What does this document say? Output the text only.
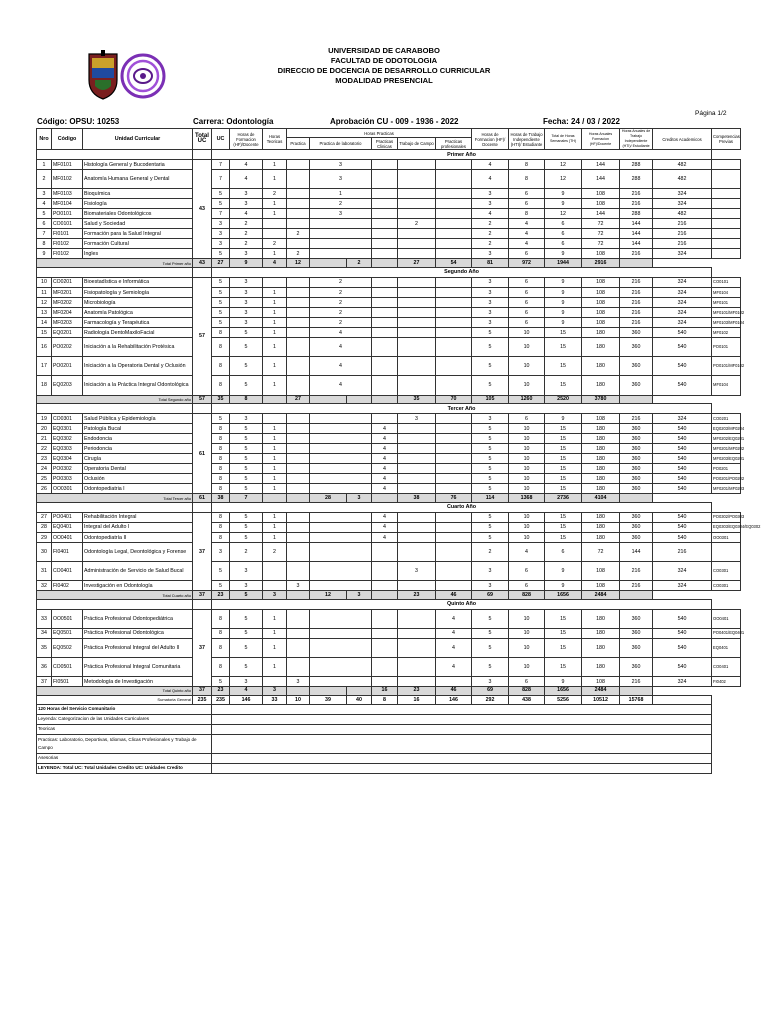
UNIVERSIDAD DE CARABOBO
FACULTAD DE ODOTOLOGIA
DIRECCIO DE DOCENCIA DE DESARROLLO CURRICULAR
MODALIDAD PRESENCIAL
Página 1/2
Código: OPSU: 10253	Carrera: Odontología	Aprobación CU - 009 - 1936 - 2022	Fecha: 24 / 03 / 2022
Nro	Código	Unidad Curricular	Total UC	UC	Horas de Formacion (HF)/Docente	Horas Teoricas	Horas Practicas						Horas de Formacion (HF)/ Docente	Horas de Trabajo Independiente (HTI)/ Estudiante	Total de Horas Semanales (TH)	Horas Anuales Formacion (HF)/Docente	Horas Anuales de Trabajo Independiente (HTI)/ Estudiante	Creditos Academicos	Competencias Previas
							Practica	Practica de laboratorio		Practicas Clinicas	Trabajo de Campo	Practicas profesionales							
				Primer Año															
1	MF0101	Histología General y Bucodentaria	43	7	4	1		3					4	8	12	144	288	482	
2	MF0102	Anatomía Humana General y Dental		7	4	1		3					4	8	12	144	288	482	
3	MF0103	Bioquímica		5	3	2		1					3	6	9	108	216	324	
4	MF0104	Fisiología		5	3	1		2					3	6	9	108	216	324	
5	PO0101	Biomateriales Odontológicos		7	4	1		3					4	8	12	144	288	482	
6	CO0101	Salud y Sociedad		3	2						2		2	4	6	72	144	216	
7	FI0101	Formación para la Salud Integral		3	2		2						2	4	6	72	144	216	
8	FI0102	Formación Cultural		3	2	2							2	4	6	72	144	216	
9	FI0102	Ingles		5	3	1	2						3	6	9	108	216	324	
Total Primer año			43	27	9	4	12		2		27	54	81	972	1944	2916			
				Segundo Año															
10	CO0201	Bioestadística e Informática	57	5	3			2					3	6	9	108	216	324	CO0101
11	MF0201	Fisiopatología y Semiología		5	3	1		2					3	6	9	108	216	324	MF0104
12	MF0202	Microbiología		5	3	1		2					3	6	9	108	216	324	MF0101
13	MF0204	Anatomía Patológica		5	3	1		2					3	6	9	108	216	324	MF0101/MF0102
14	MF0203	Farmacología y Terapéutica		5	3	1		2					3	6	9	108	216	324	MF0103/MF0104
15	EQ0201	Radiología DentoMaxiloFacial		8	5	1		4					5	10	15	180	360	540	MF0102
16	PO0202	Iniciación a la Rehabilitación Protésica		8	5	1		4					5	10	15	180	360	540	PO0101
17	PO0201	Iniciación a la Operatoria Dental y Oclusión		8	5	1		4					5	10	15	180	360	540	PO0101/MF0102
18	EQ0203	Iniciación a la Práctica Integral Odontológica		8	5	1		4					5	10	15	180	360	540	MF0104
Total Segundo año			57	35	8		27				35	70	105	1260	2520	3780			
				Tercer Año															
19	CO0301	Salud Pública y Epidemiología	61	5	3						3		3	6	9	108	216	324	CO0201
20	EQ0301	Patología Bucal		8	5	1				4			5	10	15	180	360	540	EQ0203/MF0204
21	EQ0302	Endodoncia		8	5	1				4			5	10	15	180	360	540	MF0202/EQ0201
22	EQ0303	Periodoncia		8	5	1				4			5	10	15	180	360	540	MF0201/MF0202
23	EQ0304	Cirugía		8	5	1				4			5	10	15	180	360	540	MF0203/EQ0201
24	PO0302	Operatoria Dental		8	5	1				4			5	10	15	180	360	540	PO0201
25	PO0303	Oclusión		8	5	1				4			5	10	15	180	360	540	PO0201/PO0202
26	OO0301	Odontopediatria I		8	5	1				4			5	10	15	180	360	540	MF0201/MF0203
Total Tercer año			61	38	7			28	3		38	76	114	1368	2736	4104			
				Cuarto Año															
27	PO0401	Rehabilitación Integral	37	8	5	1				4			5	10	15	180	360	540	PO0302/PO0303
28	EQ0401	Integral del Adulto I		8	5	1				4			5	10	15	180	360	540	EQ0303/EQ0304/EQ0302
29	OO0401	Odontopediatría II		8	5	1				4			5	10	15	180	360	540	OO0301
30	FI0401	Odontología Legal, Deontológica y Forense		3	2	2							2	4	6	72	144	216	
31	CO0401	Administración de Servicio de Salud Bucal		5	3						3		3	6	9	108	216	324	CO0301
32	FI0402	Investigación en Odontología		5	3		3						3	6	9	108	216	324	CO0301
Total Cuarto año			37	23	5	3		12	3		23	46	69	828	1656	2484			
				Quinto Año															
33	OO0501	Práctica Profesional Odontopediátrica	37	8	5	1						4	5	10	15	180	360	540	OO0401
34	EQ0501	Práctica Profesional Odontológica		8	5	1						4	5	10	15	180	360	540	PO0401/EQ0401
35	EQ0502	Práctica Profesional Integral del Adulto II		8	5	1						4	5	10	15	180	360	540	EQ0401
36	CO0501	Práctica Profesional Integral Comunitaria		8	5	1						4	5	10	15	180	360	540	CO0401
37	FI0501	Metodología de Investigación		5	3		3						3	6	9	108	216	324	FI0402
Total Quinto año			37	23	4	3				16	23	46	69	828	1656	2484			
Sumatoria General			235	235	146	33	10	39	40	8	16	146	292	438	5256	10512	15768		
120 Horas del Servicio Comunitario																			
Leyenda: Categorizacion de las Unidades Curriculares																			
Teoricas																			
Practicas: Laboratorio, Deportivas, Idiomas, Clicas Profesionales y Trabajo de Campo																			
Asesorias																			
LEYENDA: Total UC: Total Unidades Credito UC: Unidades Credito																			
